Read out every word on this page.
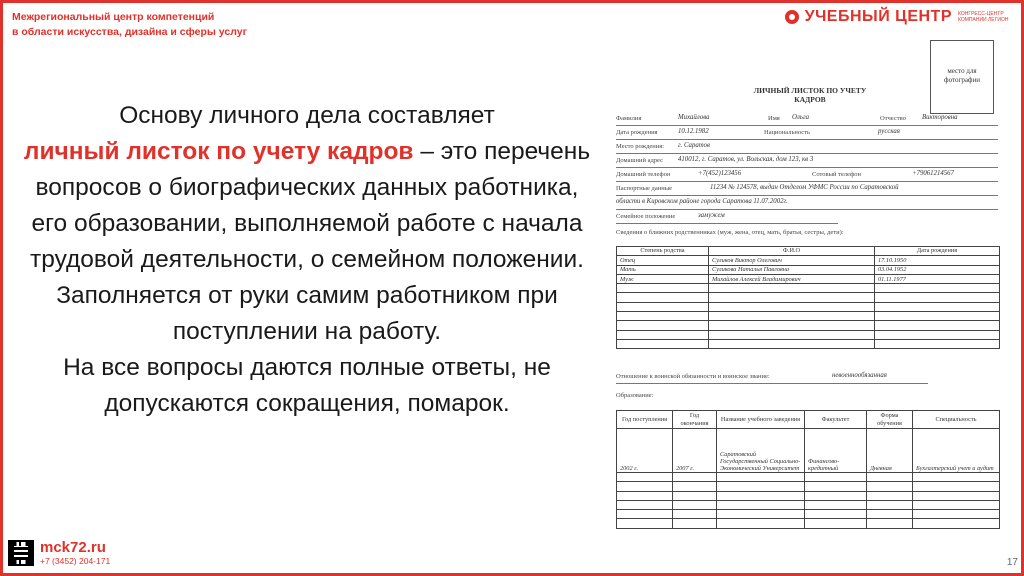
Межрегиональный центр компетенций
в области искусства, дизайна и сферы услуг
УЧЕБНЫЙ ЦЕНТР КОНГРЕСС-ЦЕНТР КОМПАНИИ ЛЕГИОН
Основу личного дела составляет
личный листок по учету кадров – это перечень вопросов о биографических данных работника, его образовании, выполняемой работе с начала трудовой деятельности, о семейном положении. Заполняется от руки самим работником при поступлении на работу.
На все вопросы даются полные ответы, не допускаются сокращения, помарок.
mck72.ru
+7 (3452) 204-171	17
место для фотографии
ЛИЧНЫЙ ЛИСТОК ПО УЧЕТУ КАДРОВ
Фамилия	Михайлова	Имя Ольга	Отчество Викторовна
Дата рождения	10.12.1982	Национальность	русская
Место рождения: г. Саратов
Домашний адрес 410012, г. Саратов, ул. Вольская, дом 123, кв 3
Домашний телефон	+7(452)123456	Сотовый телефон	+79061214567
Паспортные данные	11234 № 124578, выдан Отделом УФМС России по Саратовской
области в Кировском районе города Саратова 11.07.2002г.
Семейное положение	замужем
Сведения о ближних родственниках (муж, жена, отец, мать, братья, сестры, дети):
Степень родства	Ф.И.О	Дата рождения
Отец	Суликов Виктор Олегович	17.10.1950
Мать	Суликова Наталья Павловна	03.04.1952
Муж	Михайлов Алексей Владимирович	01.11.1977

Отношение к воинской обязанности и воинское звание:	невоеннообязанная
Образование:
Год поступления	Год окончания	Название учебного заведения	Факультет	Форма обучения	Специальность
2002 г.	2007 г.	Саратовский Государственный Социально-Экономический Университет	Финансово-кредитный	Дневная	Бухгалтерский учет и аудит
